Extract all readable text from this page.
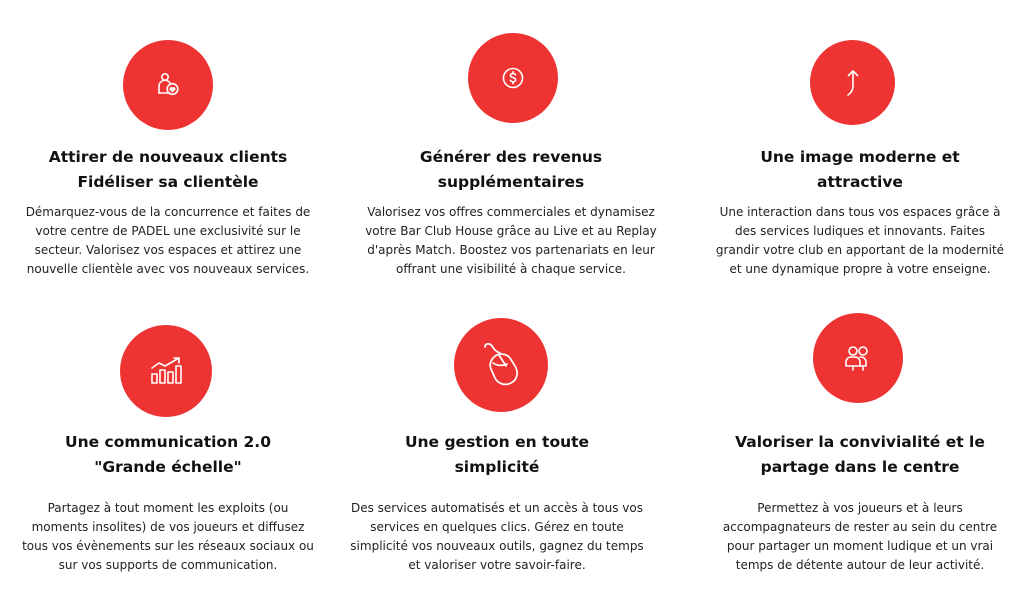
Attirer de nouveaux clients
Fidéliser sa clientèle
Démarquez-vous de la concurrence et faites de
votre centre de PADEL une exclusivité sur le
secteur. Valorisez vos espaces et attirez une
nouvelle clientèle avec vos nouveaux services.
Générer des revenus
supplémentaires
Valorisez vos offres commerciales et dynamisez
votre Bar Club House grâce au Live et au Replay
d'après Match. Boostez vos partenariats en leur
offrant une visibilité à chaque service.
Une image moderne et
attractive
Une interaction dans tous vos espaces grâce à
des services ludiques et innovants. Faites
grandir votre club en apportant de la modernité
et une dynamique propre à votre enseigne.
Une communication 2.0
"Grande échelle"
Partagez à tout moment les exploits (ou
moments insolites) de vos joueurs et diffusez
tous vos évènements sur les réseaux sociaux ou
sur vos supports de communication.
Une gestion en toute
simplicité
Des services automatisés et un accès à tous vos
services en quelques clics. Gérez en toute
simplicité vos nouveaux outils, gagnez du temps
et valoriser votre savoir-faire.
Valoriser la convivialité et le
partage dans le centre
Permettez à vos joueurs et à leurs
accompagnateurs de rester au sein du centre
pour partager un moment ludique et un vrai
temps de détente autour de leur activité.
